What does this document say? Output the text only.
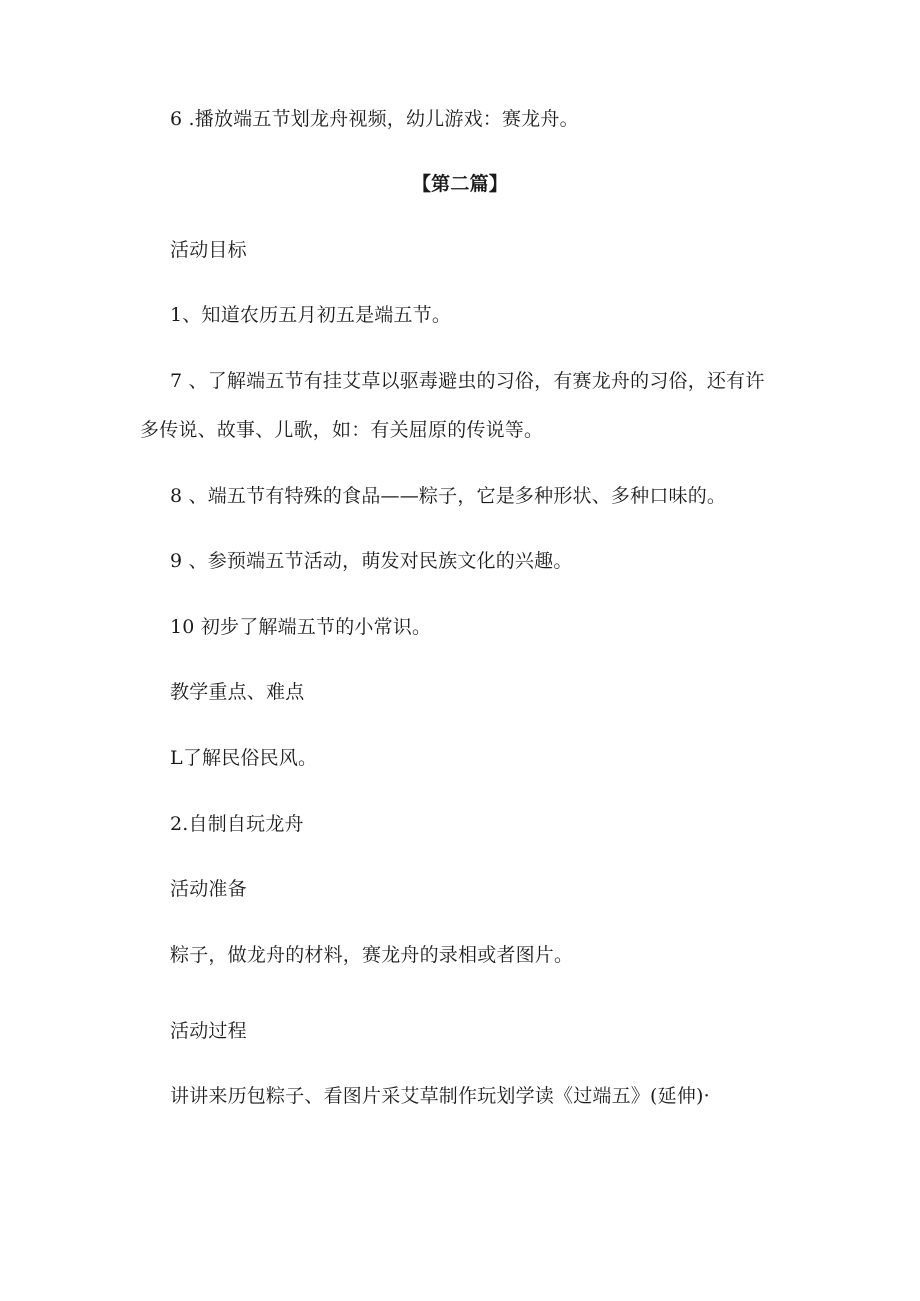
6 .播放端五节划龙舟视频，幼儿游戏：赛龙舟。

【第二篇】

活动目标

1、知道农历五月初五是端五节。

7 、了解端五节有挂艾草以驱毒避虫的习俗，有赛龙舟的习俗，还有许

多传说、故事、儿歌，如：有关屈原的传说等。

8 、端五节有特殊的食品——粽子，它是多种形状、多种口味的。

9 、参预端五节活动，萌发对民族文化的兴趣。

10 初步了解端五节的小常识。

教学重点、难点

L了解民俗民风。

2.自制自玩龙舟

活动准备

粽子，做龙舟的材料，赛龙舟的录相或者图片。

活动过程

讲讲来历包粽子、看图片采艾草制作玩划学读《过端五》(延伸)·
